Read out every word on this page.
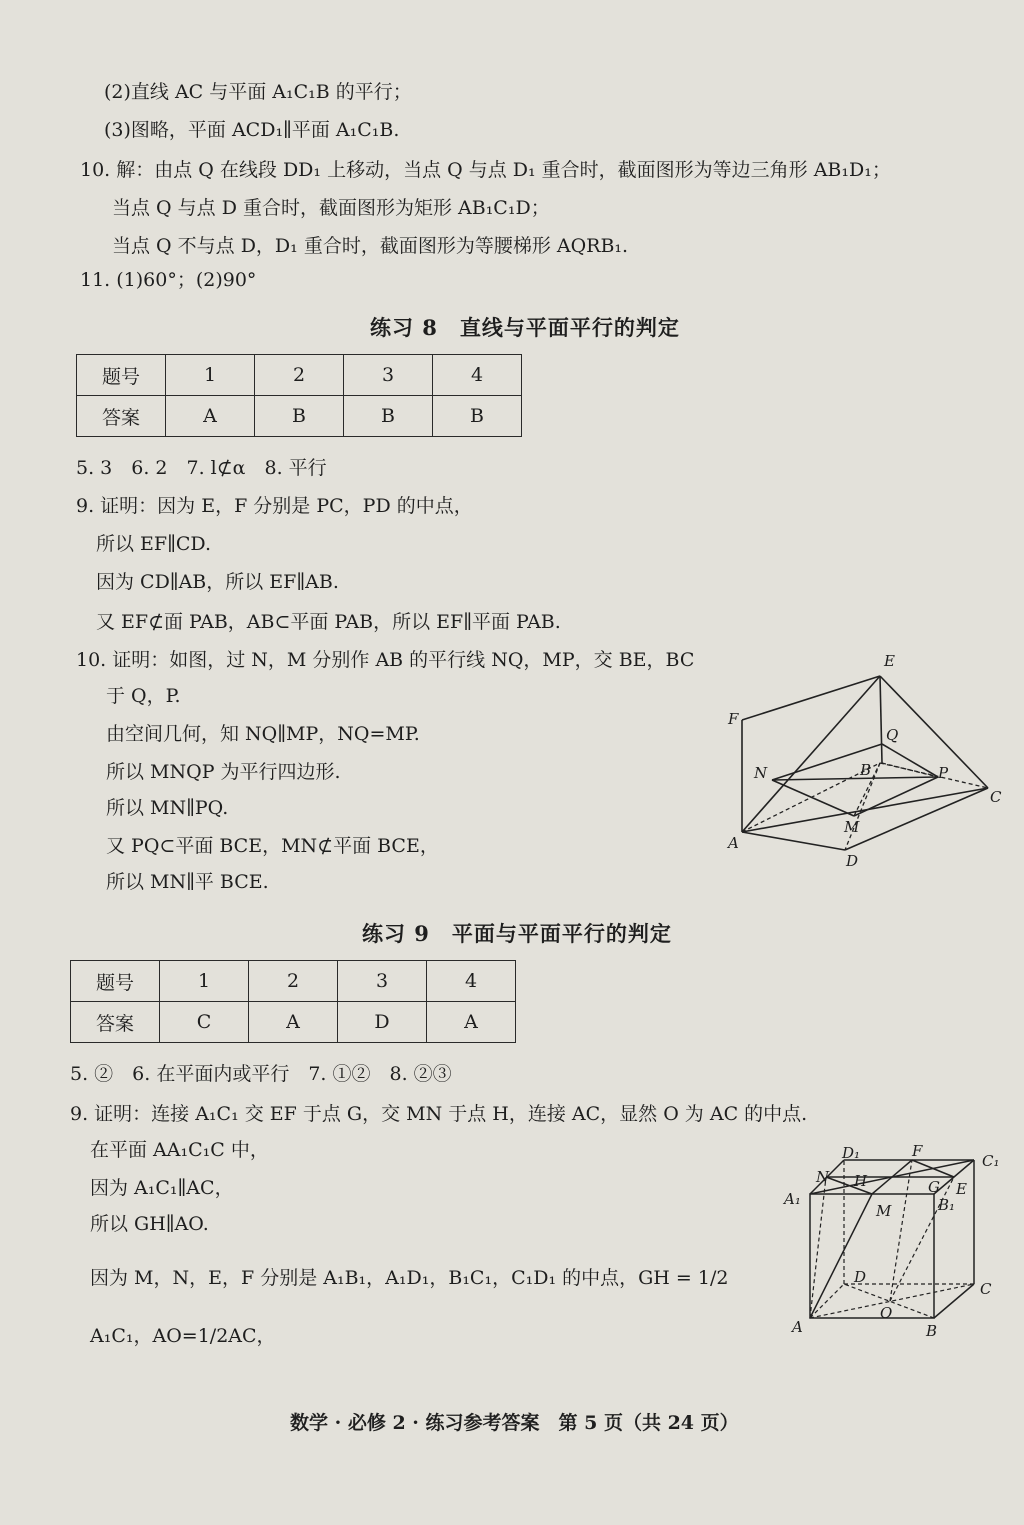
(2)直线 AC 与平面 A₁C₁B 的平行；
(3)图略，平面 ACD₁∥平面 A₁C₁B.
10. 解：由点 Q 在线段 DD₁ 上移动，当点 Q 与点 D₁ 重合时，截面图形为等边三角形 AB₁D₁；
当点 Q 与点 D 重合时，截面图形为矩形 AB₁C₁D；
当点 Q 不与点 D，D₁ 重合时，截面图形为等腰梯形 AQRB₁.
11. (1)60°；(2)90°
练习 8　直线与平面平行的判定
题号	1	2	3	4
答案	A	B	B	B
5. 3　6. 2　7. l⊄α　8. 平行
9. 证明：因为 E，F 分别是 PC，PD 的中点，
所以 EF∥CD.
因为 CD∥AB，所以 EF∥AB.
又 EF⊄面 PAB，AB⊂平面 PAB，所以 EF∥平面 PAB.
10. 证明：如图，过 N，M 分别作 AB 的平行线 NQ，MP，交 BE，BC
于 Q，P.
由空间几何，知 NQ∥MP，NQ=MP.
所以 MNQP 为平行四边形.
所以 MN∥PQ.
又 PQ⊂平面 BCE，MN⊄平面 BCE，
所以 MN∥平 BCE.
E
F
Q
N	B	P
C
M
A
D
练习 9　平面与平面平行的判定
题号	1	2	3	4
答案	C	A	D	A
5. ②　6. 在平面内或平行　7. ①②　8. ②③
9. 证明：连接 A₁C₁ 交 EF 于点 G，交 MN 于点 H，连接 AC，显然 O 为 AC 的中点.
在平面 AA₁C₁C 中，
因为 A₁C₁∥AC，
所以 GH∥AO.
因为 M，N，E，F 分别是 A₁B₁，A₁D₁，B₁C₁，C₁D₁ 的中点，GH = 1/2
A₁C₁，AO=1/2AC，
D₁	F
C₁
N H	G E
A₁
M	B₁
D
C
O
A	B
数学 · 必修 2 · 练习参考答案　第 5 页（共 24 页）
